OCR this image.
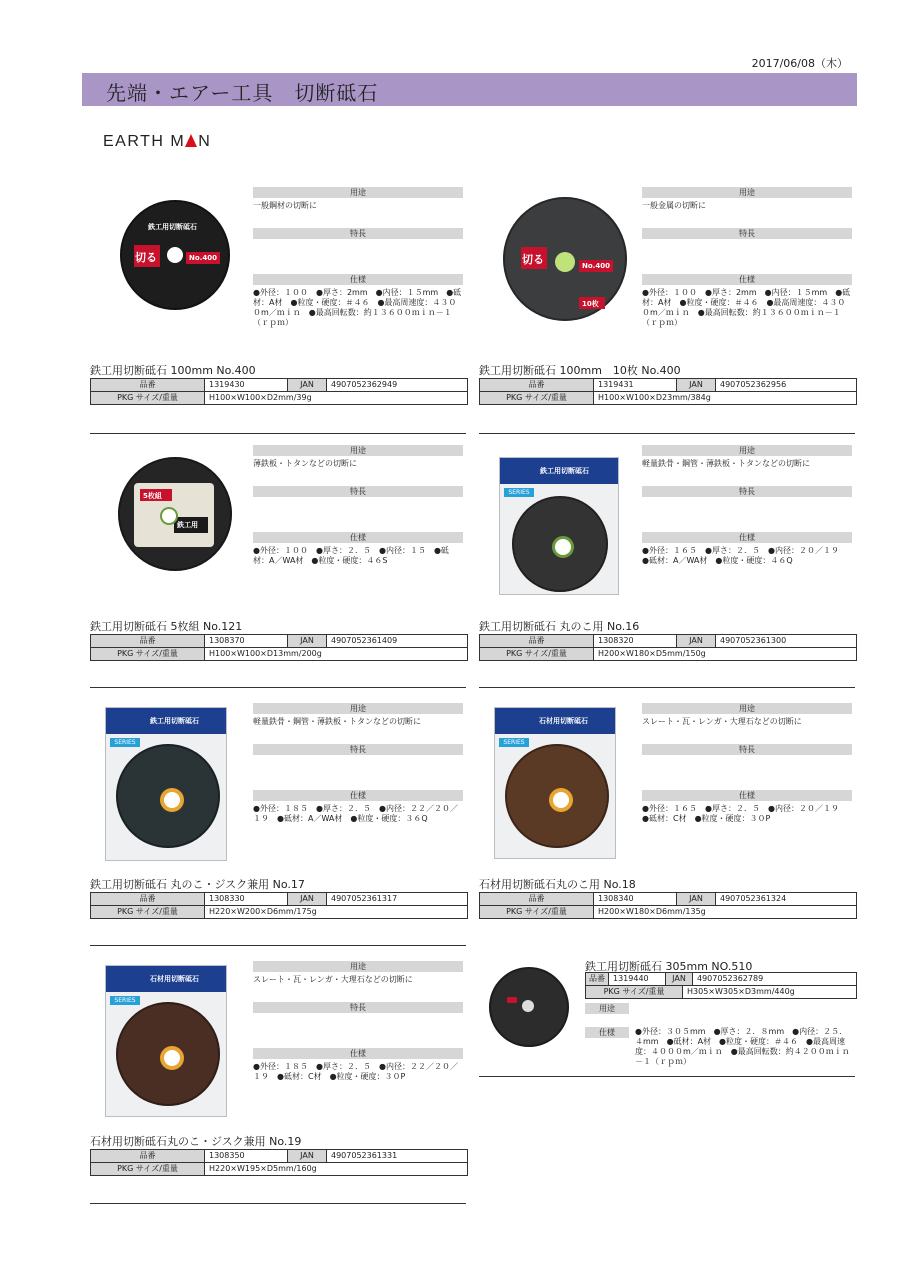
2017/06/08（木）
先端・エアー工具　切断砥石
EARTH M N
切る	No.400
鉄工用切断砥石
用途
一般鋼材の切断に
特長
仕様
●外径：１００　●厚さ：2mm　●内径：１５mm　●砥材：A材　●粒度・硬度：＃４６　●最高周速度：４３００m／ｍｉｎ　●最高回転数：約１３６００ｍｉｎ－１（ｒｐｍ）
鉄工用切断砥石 100mm No.400
品番	1319430	JAN	4907052362949
PKG サイズ/重量	H100×W100×D2mm/39g
切る	No.400
10枚
用途
一般金属の切断に
特長
仕様
●外径：１００　●厚さ：2mm　●内径：１５mm　●砥材：A材　●粒度・硬度：＃４６　●最高周速度：４３００m／ｍｉｎ　●最高回転数：約１３６００ｍｉｎ－１（ｒｐｍ）
鉄工用切断砥石 100mm　10枚 No.400
品番	1319431	JAN	4907052362956
PKG サイズ/重量	H100×W100×D23mm/384g
5枚組
鉄工用
用途
薄鉄板・トタンなどの切断に
特長
仕様
●外径：１００　●厚さ：２．５　●内径：１５　●砥材：A／WA材　●粒度・硬度：４６S
鉄工用切断砥石 5枚組 No.121
品番	1308370	JAN	4907052361409
PKG サイズ/重量	H100×W100×D13mm/200g
鉄工用切断砥石
SERIES
用途
軽量鉄骨・鋼管・薄鉄板・トタンなどの切断に
特長
仕様
●外径：１６５　●厚さ：２．５　●内径：２０／１９　●砥材：A／WA材　●粒度・硬度：４６Q
鉄工用切断砥石 丸のこ用 No.16
品番	1308320	JAN	4907052361300
PKG サイズ/重量	H200×W180×D5mm/150g
鉄工用切断砥石
SERIES
用途
軽量鉄骨・鋼管・薄鉄板・トタンなどの切断に
特長
仕様
●外径：１８５　●厚さ：２．５　●内径：２２／２０／１９　●砥材：A／WA材　●粒度・硬度：３６Q
鉄工用切断砥石 丸のこ・ジスク兼用 No.17
品番	1308330	JAN	4907052361317
PKG サイズ/重量	H220×W200×D6mm/175g
石材用切断砥石
SERIES
用途
スレート・瓦・レンガ・大理石などの切断に
特長
仕様
●外径：１６５　●厚さ：２．５　●内径：２０／１９　●砥材：C材　●粒度・硬度：３０P
石材用切断砥石丸のこ用 No.18
品番	1308340	JAN	4907052361324
PKG サイズ/重量	H200×W180×D6mm/135g
石材用切断砥石
SERIES
用途
スレート・瓦・レンガ・大理石などの切断に
特長
仕様
●外径：１８５　●厚さ：２．５　●内径：２２／２０／１９　●砥材：C材　●粒度・硬度：３０P
石材用切断砥石丸のこ・ジスク兼用 No.19
品番	1308350	JAN	4907052361331
PKG サイズ/重量	H220×W195×D5mm/160g
鉄工用切断砥石 305mm NO.510
品番	1319440	JAN	4907052362789
PKG サイズ/重量	H305×W305×D3mm/440g
用途
仕様	●外径：３０５mm　●厚さ：２．８mm　●内径：２５．４mm　●砥材：A材　●粒度・硬度：＃４６　●最高周速度：４０００m／ｍｉｎ　●最高回転数：約４２００ｍｉｎ－１（ｒｐｍ）
